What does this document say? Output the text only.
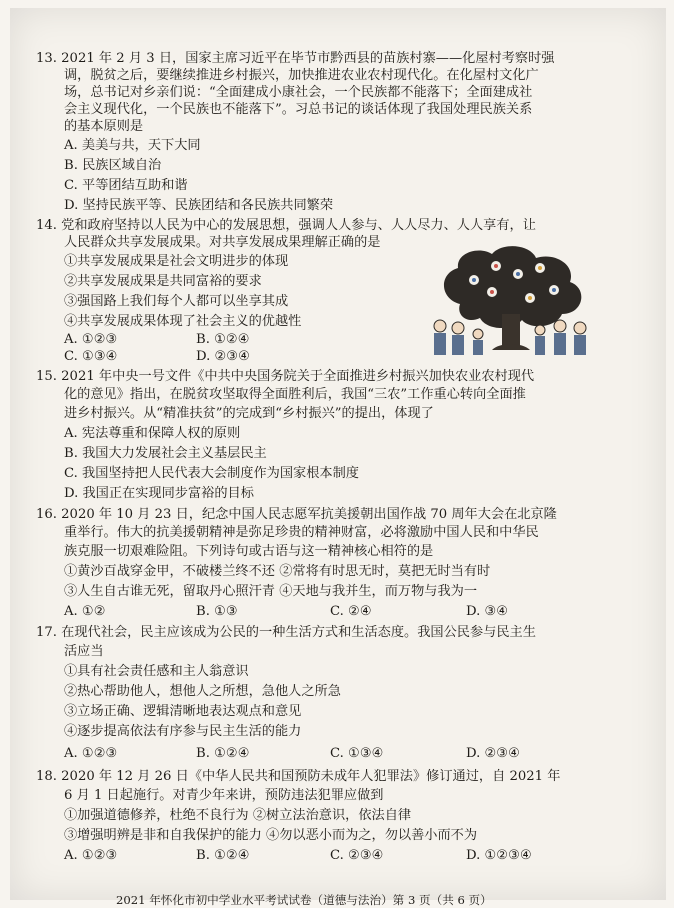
13. 2021 年 2 月 3 日，国家主席习近平在毕节市黔西县的苗族村寨——化屋村考察时强
调，脱贫之后，要继续推进乡村振兴，加快推进农业农村现代化。在化屋村文化广
场，总书记对乡亲们说：“全面建成小康社会，一个民族都不能落下；全面建成社
会主义现代化，一个民族也不能落下”。习总书记的谈话体现了我国处理民族关系
的基本原则是
A. 美美与共，天下大同
B. 民族区域自治
C. 平等团结互助和谐
D. 坚持民族平等、民族团结和各民族共同繁荣
14. 党和政府坚持以人民为中心的发展思想，强调人人参与、人人尽力、人人享有，让
人民群众共享发展成果。对共享发展成果理解正确的是
①共享发展成果是社会文明进步的体现
②共享发展成果是共同富裕的要求
③强国路上我们每个人都可以坐享其成
④共享发展成果体现了社会主义的优越性
A. ①②③	B. ①②④
C. ①③④	D. ②③④
15. 2021 年中央一号文件《中共中央国务院关于全面推进乡村振兴加快农业农村现代
化的意见》指出，在脱贫攻坚取得全面胜利后，我国“三农”工作重心转向全面推
进乡村振兴。从“精准扶贫”的完成到“乡村振兴”的提出，体现了
A. 宪法尊重和保障人权的原则
B. 我国大力发展社会主义基层民主
C. 我国坚持把人民代表大会制度作为国家根本制度
D. 我国正在实现同步富裕的目标
16. 2020 年 10 月 23 日，纪念中国人民志愿军抗美援朝出国作战 70 周年大会在北京隆
重举行。伟大的抗美援朝精神是弥足珍贵的精神财富，必将激励中国人民和中华民
族克服一切艰难险阻。下列诗句或古语与这一精神核心相符的是
①黄沙百战穿金甲，不破楼兰终不还 ②常将有时思无时，莫把无时当有时
③人生自古谁无死，留取丹心照汗青 ④天地与我并生，而万物与我为一
A. ①②	B. ①③	C. ②④	D. ③④
17. 在现代社会，民主应该成为公民的一种生活方式和生活态度。我国公民参与民主生
活应当
①具有社会责任感和主人翁意识
②热心帮助他人，想他人之所想，急他人之所急
③立场正确、逻辑清晰地表达观点和意见
④逐步提高依法有序参与民主生活的能力
A. ①②③	B. ①②④	C. ①③④	D. ②③④
18. 2020 年 12 月 26 日《中华人民共和国预防未成年人犯罪法》修订通过，自 2021 年
6 月 1 日起施行。对青少年来讲，预防违法犯罪应做到
①加强道德修养，杜绝不良行为 ②树立法治意识，依法自律
③增强明辨是非和自我保护的能力 ④勿以恶小而为之，勿以善小而不为
A. ①②③	B. ①②④	C. ②③④	D. ①②③④
2021 年怀化市初中学业水平考试试卷（道德与法治）第 3 页（共 6 页）
